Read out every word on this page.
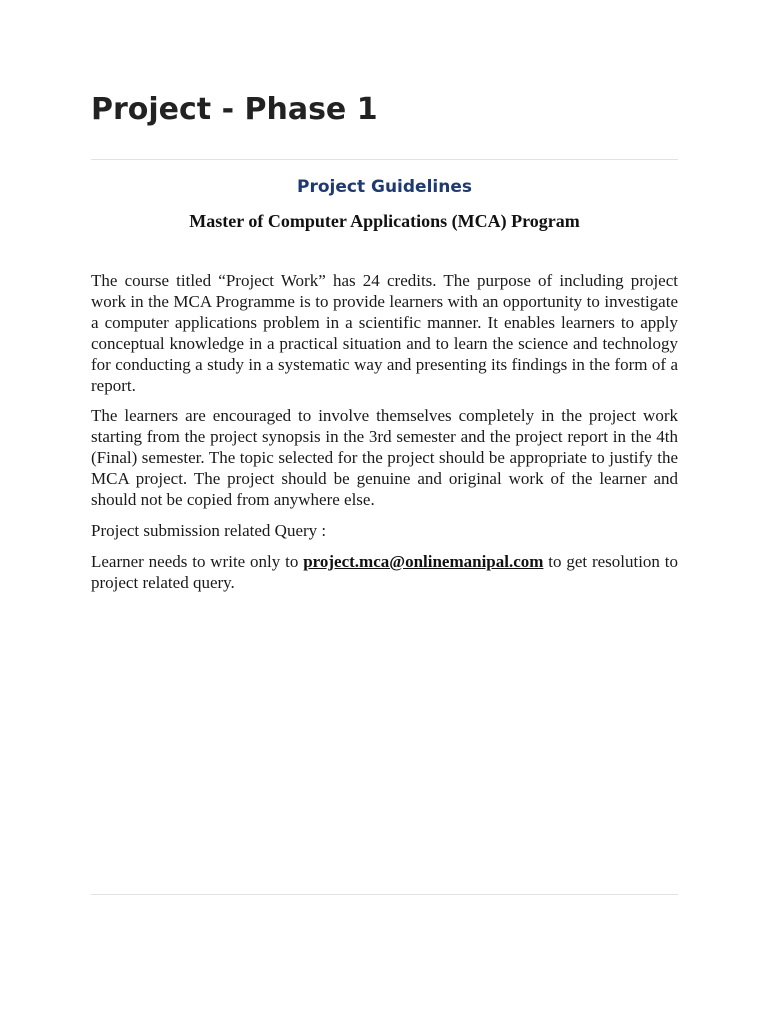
Project - Phase 1
Project Guidelines
Master of Computer Applications (MCA) Program

The course titled “Project Work” has 24 credits. The purpose of including project work in the MCA Programme is to provide learners with an opportunity to investigate a computer applications problem in a scientific manner. It enables learners to apply conceptual knowledge in a practical situation and to learn the science and technology for conducting a study in a systematic way and presenting its findings in the form of a report.

The learners are encouraged to involve themselves completely in the project work starting from the project synopsis in the 3rd semester and the project report in the 4th (Final) semester. The topic selected for the project should be appropriate to justify the MCA project. The project should be genuine and original work of the learner and should not be copied from anywhere else.

Project submission related Query :

Learner needs to write only to project.mca@onlinemanipal.com to get resolution to project related query.
